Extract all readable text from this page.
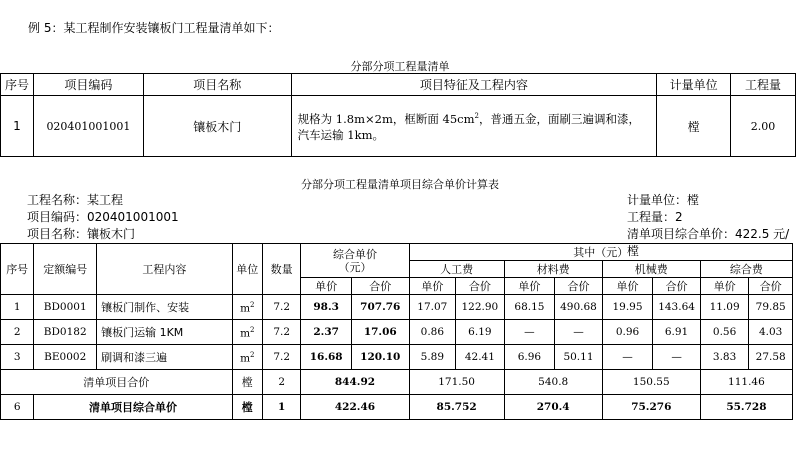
例 5：某工程制作安装镶板门工程量清单如下：
分部分项工程量清单
序号	项目编码	项目名称	项目特征及工程内容	计量单位	工程量
1	020401001001	镶板木门	规格为 1.8m×2m，框断面 $45cm^2$，普通五金，面刷三遍调和漆，汽车运输 1km。	樘	2.00
分部分项工程量清单项目综合单价计算表
工程名称：某工程
项目编码：020401001001
项目名称：镶板木门
计量单位：樘
工程量：2
清单项目综合单价：422.5 元/樘
序号	定额编号	工程内容	单位	数量	综合单价（元）		其中（元）							
							人工费		材料费		机械费		综合费	
					单价	合价	单价	合价	单价	合价	单价	合价	单价	合价
1	BD0001	镶板门制作、安装	$m^2$	7.2	98.3	707.76	17.07	122.90	68.15	490.68	19.95	143.64	11.09	79.85
2	BD0182	镶板门运输 1KM	$m^2$	7.2	2.37	17.06	0.86	6.19	—	—	0.96	6.91	0.56	4.03
3	BE0002	刷调和漆三遍	$m^2$	7.2	16.68	120.10	5.89	42.41	6.96	50.11	—	—	3.83	27.58
清单项目合价			樘	2	844.92		171.50		540.8		150.55		111.46	
6	清单项目综合单价		樘	1	422.46		85.752		270.4		75.276		55.728	
